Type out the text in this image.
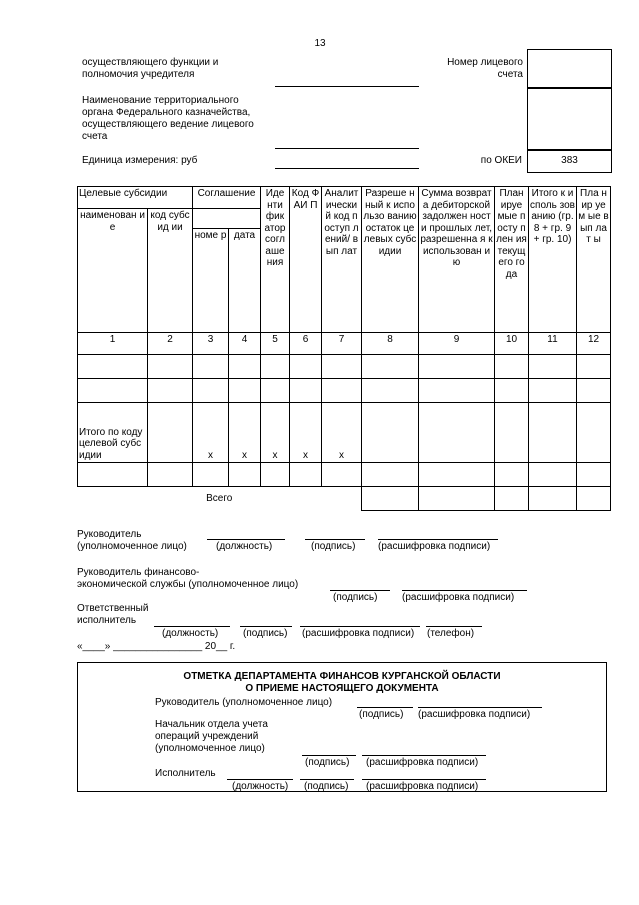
13
осуществляющего функции и
полномочия учредителя
Номер лицевого
счета
Наименование территориального
органа Федерального казначейства,
осуществляющего ведение лицевого
счета
Единица измерения: руб	по ОКЕИ	383
Целевые субсидии		Соглашение		Иде нти фик атор согл аше ния	Код ФАИ П	Аналит ически й код поступ лений/ вып лат	Разреше нный к использо ванию остаток целевых субсидии	Сумма возврата дебиторской задолжен ности прошлых лет, разрешенна я к использован ию	План ируе мые посту плен ия текущ его года	Итого к исполь зованию (гр. 8 + гр. 9 + гр. 10)	Пла нир уем ые вып лат ы
наименован ие	код субсид ии										
		номе р	дата								
1	2	3	4	5	6	7	8	9	10	11	12

Итого по коду целевой субсидии		x	x	x	x	x					

Всего											
Руководитель
(уполномоченное лицо)	(должность)	(подпись) (расшифровка подписи)
Руководитель финансово-
экономической службы (уполномоченное лицо)
(подпись) (расшифровка подписи)
Ответственный
исполнитель
(должность) (подпись) (расшифровка подписи) (телефон)
«____» ________________ 20__ г.
ОТМЕТКА ДЕПАРТАМЕНТА ФИНАНСОВ КУРГАНСКОЙ ОБЛАСТИ
О ПРИЕМЕ НАСТОЯЩЕГО ДОКУМЕНТА
Руководитель (уполномоченное лицо)
(подпись) (расшифровка подписи)
Начальник отдела учета
операций учреждений
(уполномоченное лицо)
(подпись) (расшифровка подписи)
Исполнитель
(должность) (подпись) (расшифровка подписи)
